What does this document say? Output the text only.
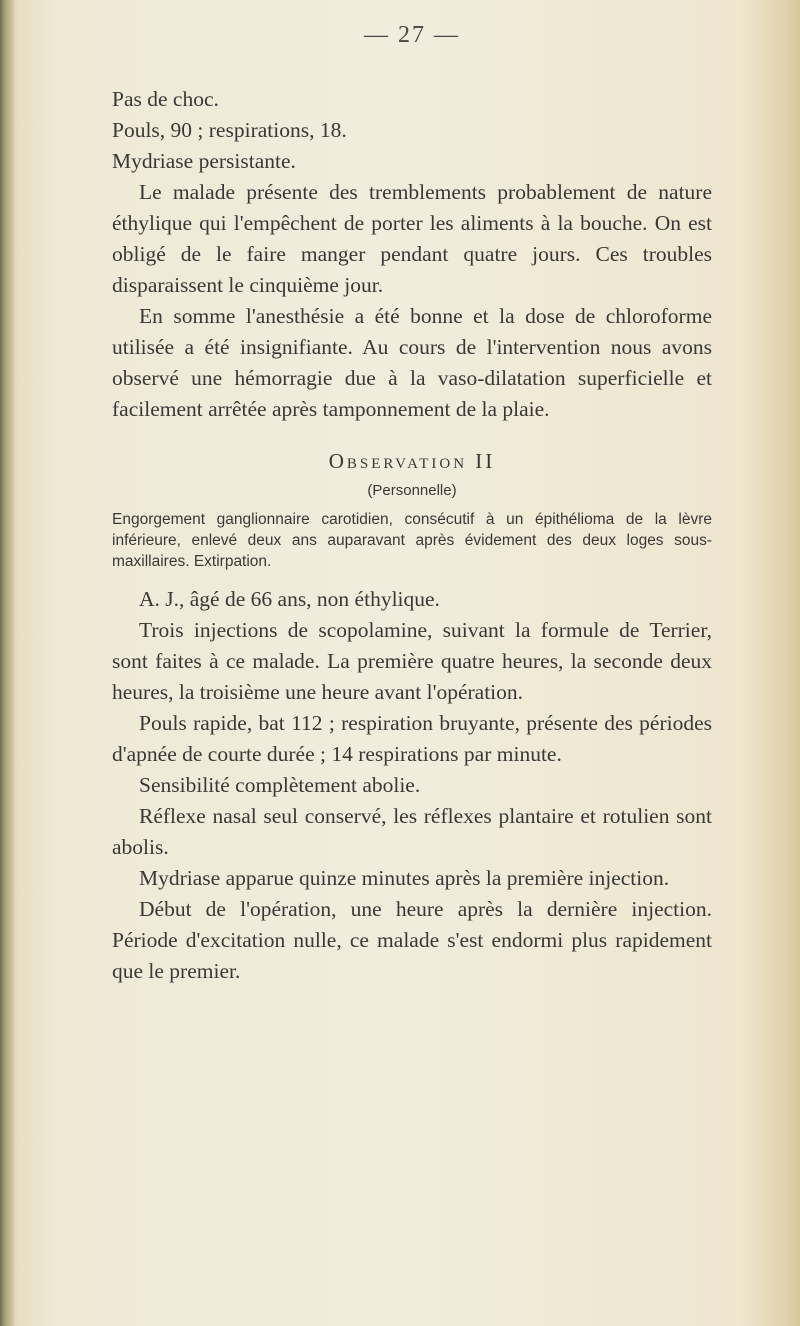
— 27 —

Pas de choc.

Pouls, 90 ; respirations, 18.

Mydriase persistante.

Le malade présente des tremblements probablement de nature éthylique qui l'empêchent de porter les aliments à la bouche. On est obligé de le faire manger pendant quatre jours. Ces troubles disparaissent le cinquième jour.

En somme l'anesthésie a été bonne et la dose de chloroforme utilisée a été insignifiante. Au cours de l'intervention nous avons observé une hémorragie due à la vaso-dilatation superficielle et facilement arrêtée après tamponnement de la plaie.

Observation II
(Personnelle)
Engorgement ganglionnaire carotidien, consécutif à un épithélioma de la lèvre inférieure, enlevé deux ans auparavant après évidement des deux loges sous-maxillaires. Extirpation.

A. J., âgé de 66 ans, non éthylique.

Trois injections de scopolamine, suivant la formule de Terrier, sont faites à ce malade. La première quatre heures, la seconde deux heures, la troisième une heure avant l'opération.

Pouls rapide, bat 112 ; respiration bruyante, présente des périodes d'apnée de courte durée ; 14 respirations par minute.

Sensibilité complètement abolie.

Réflexe nasal seul conservé, les réflexes plantaire et rotulien sont abolis.

Mydriase apparue quinze minutes après la première injection.

Début de l'opération, une heure après la dernière injection. Période d'excitation nulle, ce malade s'est endormi plus rapidement que le premier.
